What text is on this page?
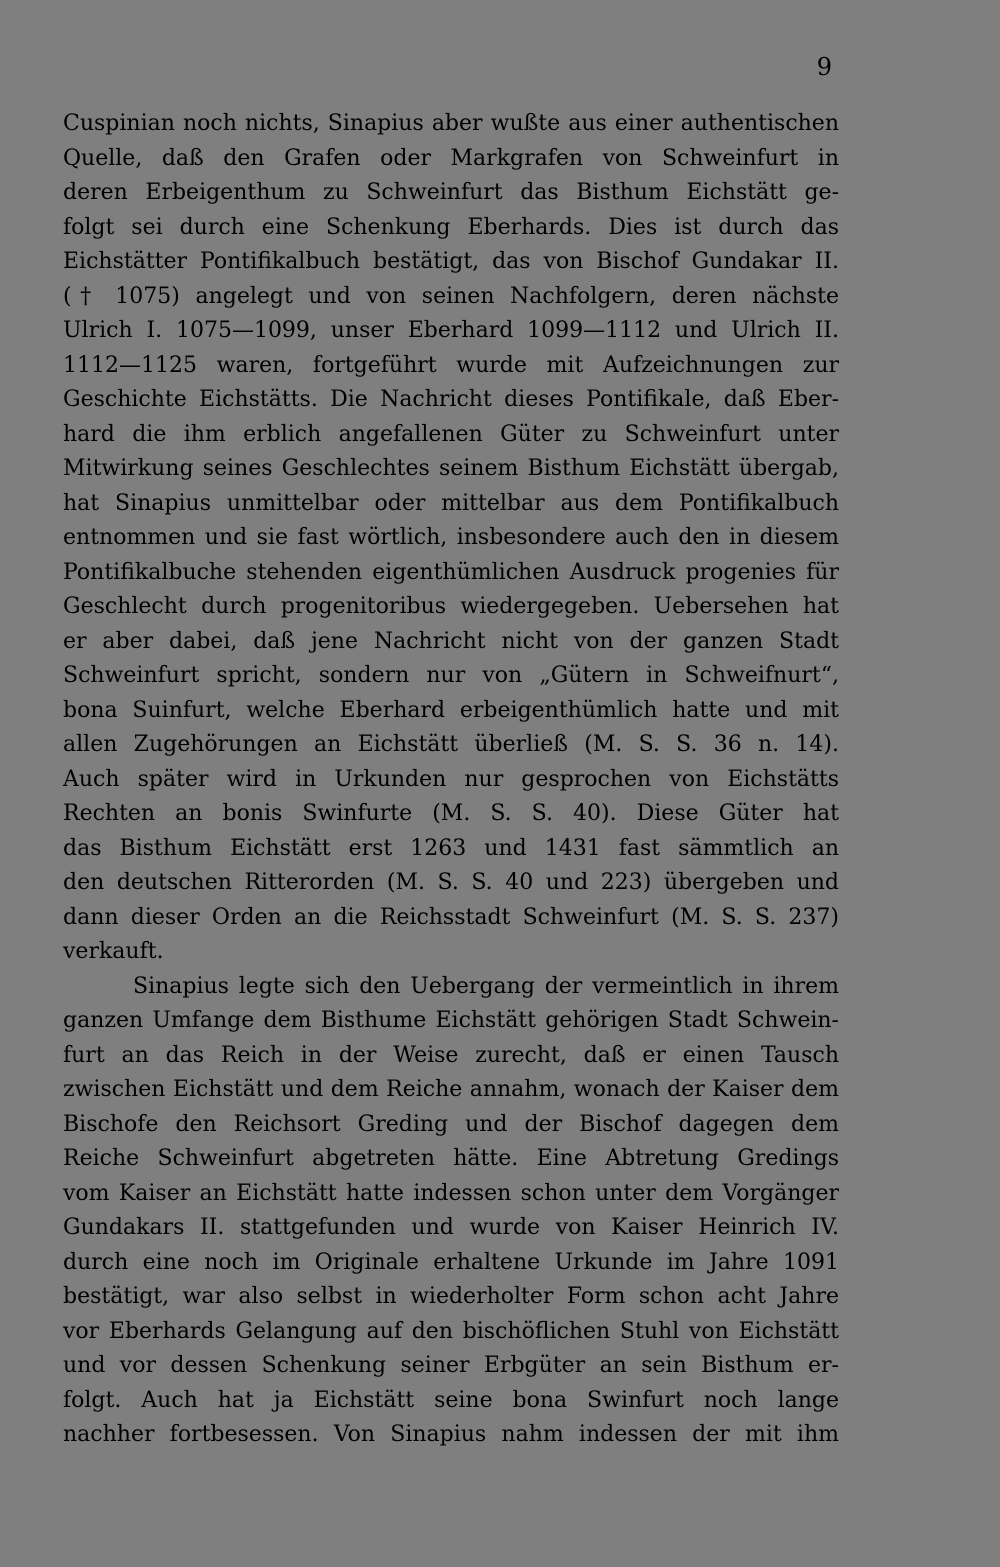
9
Cuspinian noch nichts, Sinapius aber wußte aus einer authentischen
Quelle, daß den Grafen oder Markgrafen von Schweinfurt in
deren Erbeigenthum zu Schweinfurt das Bisthum Eichstätt ge-
folgt sei durch eine Schenkung Eberhards. Dies ist durch das
Eichstätter Pontifikalbuch bestätigt, das von Bischof Gundakar II.
(† 1075) angelegt und von seinen Nachfolgern, deren nächste
Ulrich I. 1075—1099, unser Eberhard 1099—1112 und Ulrich II.
1112—1125 waren, fortgeführt wurde mit Aufzeichnungen zur
Geschichte Eichstätts. Die Nachricht dieses Pontifikale, daß Eber-
hard die ihm erblich angefallenen Güter zu Schweinfurt unter
Mitwirkung seines Geschlechtes seinem Bisthum Eichstätt übergab,
hat Sinapius unmittelbar oder mittelbar aus dem Pontifikalbuch
entnommen und sie fast wörtlich, insbesondere auch den in diesem
Pontifikalbuche stehenden eigenthümlichen Ausdruck progenies für
Geschlecht durch progenitoribus wiedergegeben. Uebersehen hat
er aber dabei, daß jene Nachricht nicht von der ganzen Stadt
Schweinfurt spricht, sondern nur von „Gütern in Schweifnurt“,
bona Suinfurt, welche Eberhard erbeigenthümlich hatte und mit
allen Zugehörungen an Eichstätt überließ (M. S. S. 36 n. 14).
Auch später wird in Urkunden nur gesprochen von Eichstätts
Rechten an bonis Swinfurte (M. S. S. 40). Diese Güter hat
das Bisthum Eichstätt erst 1263 und 1431 fast sämmtlich an
den deutschen Ritterorden (M. S. S. 40 und 223) übergeben und
dann dieser Orden an die Reichsstadt Schweinfurt (M. S. S. 237)
verkauft.
Sinapius legte sich den Uebergang der vermeintlich in ihrem
ganzen Umfange dem Bisthume Eichstätt gehörigen Stadt Schwein-
furt an das Reich in der Weise zurecht, daß er einen Tausch
zwischen Eichstätt und dem Reiche annahm, wonach der Kaiser dem
Bischofe den Reichsort Greding und der Bischof dagegen dem
Reiche Schweinfurt abgetreten hätte. Eine Abtretung Gredings
vom Kaiser an Eichstätt hatte indessen schon unter dem Vorgänger
Gundakars II. stattgefunden und wurde von Kaiser Heinrich IV.
durch eine noch im Originale erhaltene Urkunde im Jahre 1091
bestätigt, war also selbst in wiederholter Form schon acht Jahre
vor Eberhards Gelangung auf den bischöflichen Stuhl von Eichstätt
und vor dessen Schenkung seiner Erbgüter an sein Bisthum er-
folgt. Auch hat ja Eichstätt seine bona Swinfurt noch lange
nachher fortbesessen. Von Sinapius nahm indessen der mit ihm
